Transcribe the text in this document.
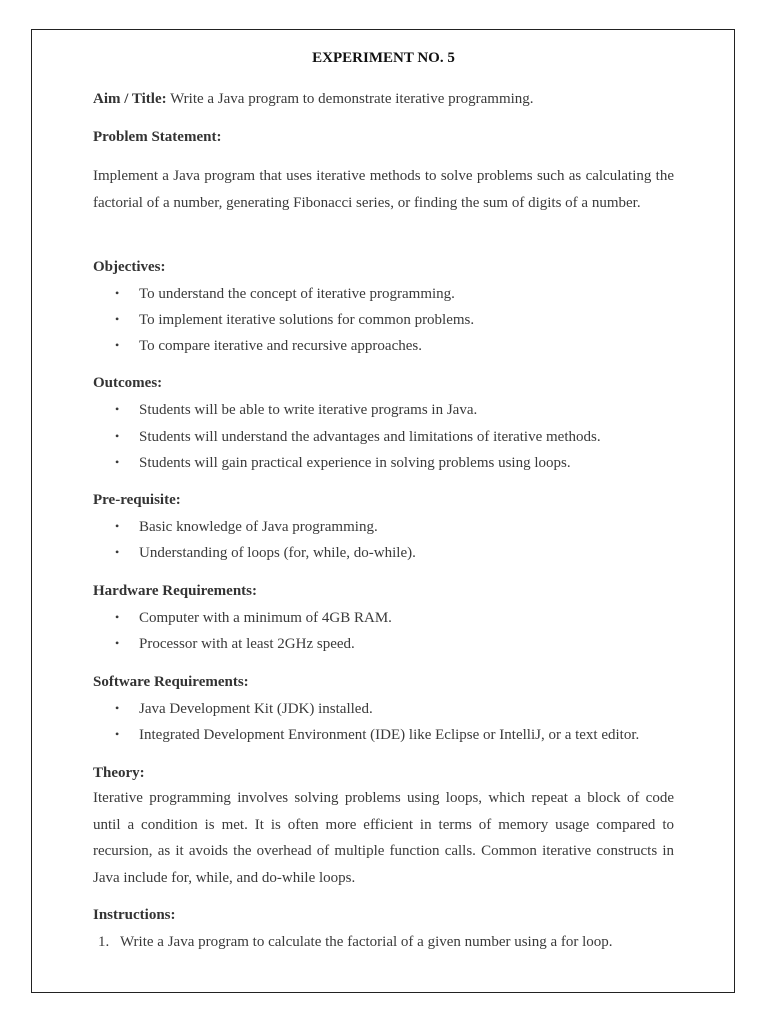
EXPERIMENT NO. 5
Aim / Title: Write a Java program to demonstrate iterative programming.
Problem Statement:
Implement a Java program that uses iterative methods to solve problems such as calculating the factorial of a number, generating Fibonacci series, or finding the sum of digits of a number.
Objectives:
• To understand the concept of iterative programming.
• To implement iterative solutions for common problems.
• To compare iterative and recursive approaches.
Outcomes:
• Students will be able to write iterative programs in Java.
• Students will understand the advantages and limitations of iterative methods.
• Students will gain practical experience in solving problems using loops.
Pre-requisite:
• Basic knowledge of Java programming.
• Understanding of loops (for, while, do-while).
Hardware Requirements:
• Computer with a minimum of 4GB RAM.
• Processor with at least 2GHz speed.
Software Requirements:
• Java Development Kit (JDK) installed.
• Integrated Development Environment (IDE) like Eclipse or IntelliJ, or a text editor.
Theory:
Iterative programming involves solving problems using loops, which repeat a block of code until a condition is met. It is often more efficient in terms of memory usage compared to recursion, as it avoids the overhead of multiple function calls. Common iterative constructs in Java include for, while, and do-while loops.
Instructions:
1. Write a Java program to calculate the factorial of a given number using a for loop.
